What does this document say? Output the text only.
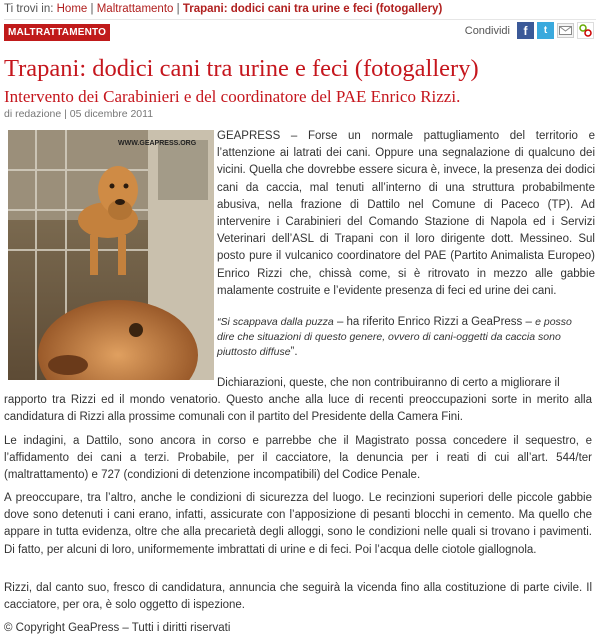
Ti trovi in: Home | Maltrattamento | Trapani: dodici cani tra urine e feci (fotogallery)
MALTRATTAMENTO	Condividi	f	t
Trapani: dodici cani tra urine e feci (fotogallery)
Intervento dei Carabinieri e del coordinatore del PAE Enrico Rizzi.
di redazione | 05 dicembre 2011
WWW.GEAPRESS.ORG

GEAPRESS – Forse un normale pattugliamento del territorio e l’attenzione ai latrati dei cani. Oppure una segnalazione di qualcuno dei vicini. Quella che dovrebbe essere sicura è, invece, la presenza dei dodici cani da caccia, mal tenuti all’interno di una struttura probabilmente abusiva, nella frazione di Dattilo nel Comune di Paceco (TP). Ad intervenire i Carabinieri del Comando Stazione di Napola ed i Servizi Veterinari dell’ASL di Trapani con il loro dirigente dott. Messineo. Sul posto pure il vulcanico coordinatore del PAE (Partito Animalista Europeo) Enrico Rizzi che, chissà come, si è ritrovato in mezzo alle gabbie malamente costruite e l’evidente presenza di feci ed urine dei cani.

“Si scappava dalla puzza – ha riferito Enrico Rizzi a GeaPress – e posso dire che situazioni di questo genere, ovvero di cani-oggetti da caccia sono piuttosto diffuse”.
Dichiarazioni, queste, che non contribuiranno di certo a migliorare il
rapporto tra Rizzi ed il mondo venatorio. Questo anche alla luce di recenti preoccupazioni sorte in merito alla candidatura di Rizzi alla prossime comunali con il partito del Presidente della Camera Fini.

Le indagini, a Dattilo, sono ancora in corso e parrebbe che il Magistrato possa concedere il sequestro, e l’affidamento dei cani a terzi. Probabile, per il cacciatore, la denuncia per i reati di cui all’art. 544/ter (maltrattamento) e 727 (condizioni di detenzione incompatibili) del Codice Penale.

A preoccupare, tra l’altro, anche le condizioni di sicurezza del luogo. Le recinzioni superiori delle piccole gabbie dove sono detenuti i cani erano, infatti, assicurate con l’apposizione di pesanti blocchi in cemento. Ma quello che appare in tutta evidenza, oltre che alla precarietà degli alloggi, sono le condizioni nelle quali si trovano i pavimenti. Di fatto, per alcuni di loro, uniformemente imbrattati di urine e di feci. Poi l’acqua delle ciotole giallognola.

Rizzi, dal canto suo, fresco di candidatura, annuncia che seguirà la vicenda fino alla costituzione di parte civile. Il cacciatore, per ora, è solo oggetto di ispezione.

© Copyright GeaPress – Tutti i diritti riservati
